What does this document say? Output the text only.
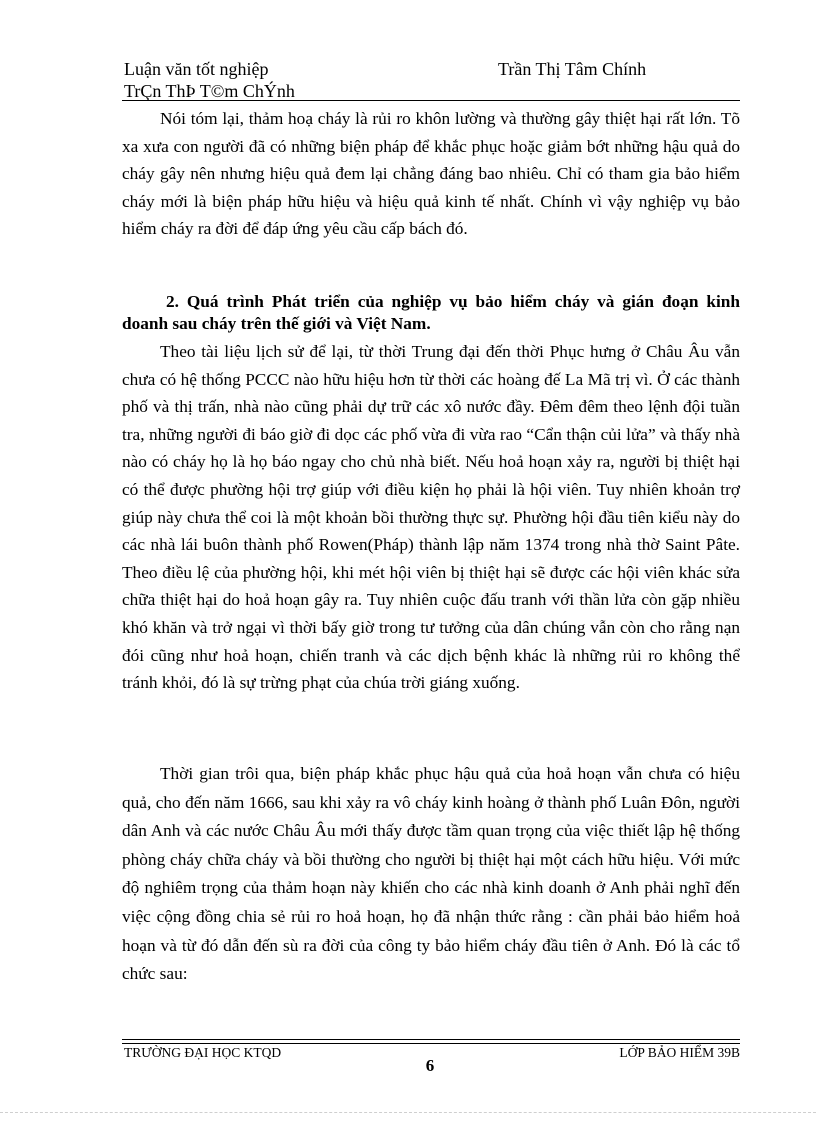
Luận văn tốt nghiệp
TrÇn ThÞ T©m ChÝnh
Trần Thị Tâm Chính

Nói tóm lại, thảm hoạ cháy là rủi ro khôn lường và thường gây thiệt hại rất lớn. Tõ xa xưa con người đã có những biện pháp để khắc phục hoặc giảm bớt những hậu quả do cháy gây nên nhưng hiệu quả đem lại chẳng đáng bao nhiêu. Chỉ có tham gia bảo hiểm cháy mới là biện pháp hữu hiệu và hiệu quả kinh tế nhất. Chính vì vậy nghiệp vụ bảo hiểm cháy ra đời để đáp ứng yêu cầu cấp bách đó.

2. Quá trình Phát triển của nghiệp vụ bảo hiểm cháy và gián đoạn kinh doanh sau cháy trên thế giới và Việt Nam.

Theo tài liệu lịch sử để lại, từ thời Trung đại đến thời Phục hưng ở Châu Âu vẫn chưa có hệ thống PCCC nào hữu hiệu hơn từ thời các hoàng đế La Mã trị vì. Ở các thành phố và thị trấn, nhà nào cũng phải dự trữ các xô nước đầy. Đêm đêm theo lệnh đội tuần tra, những người đi báo giờ đi dọc các phố vừa đi vừa rao “Cẩn thận củi lửa” và thấy nhà nào có cháy họ là họ báo ngay cho chủ nhà biết. Nếu hoả hoạn xảy ra, người bị thiệt hại có thể được phường hội trợ giúp với điều kiện họ phải là hội viên. Tuy nhiên khoản trợ giúp này chưa thể coi là một khoản bồi thường thực sự. Phường hội đầu tiên kiểu này do các nhà lái buôn thành phố Rowen(Pháp) thành lập năm 1374 trong nhà thờ Saint Pâte. Theo điều lệ của phường hội, khi mét hội viên bị thiệt hại sẽ được các hội viên khác sửa chữa thiệt hại do hoả hoạn gây ra. Tuy nhiên cuộc đấu tranh với thần lửa còn gặp nhiều khó khăn và trở ngại vì thời bấy giờ trong tư tưởng của dân chúng vẫn còn cho rằng nạn đói cũng như hoả hoạn, chiến tranh và các dịch bệnh khác là những rủi ro không thể tránh khỏi, đó là sự trừng phạt của chúa trời giáng xuống.

Thời gian trôi qua, biện pháp khắc phục hậu quả của hoả hoạn vẫn chưa có hiệu quả, cho đến năm 1666, sau khi xảy ra vô cháy kinh hoàng ở thành phố Luân Đôn, người dân Anh và các nước Châu Âu mới thấy được tầm quan trọng của việc thiết lập hệ thống phòng cháy chữa cháy và bồi thường cho người bị thiệt hại một cách hữu hiệu. Với mức độ nghiêm trọng của thảm hoạn này khiến cho các nhà kinh doanh ở Anh phải nghĩ đến việc cộng đồng chia sẻ rủi ro hoả hoạn, họ đã nhận thức rằng : cần phải bảo hiểm hoả hoạn và từ đó dẫn đến sù ra đời của công ty bảo hiểm cháy đầu tiên ở Anh. Đó là các tổ chức sau:

TRƯỜNG ĐẠI HỌC KTQD	LỚP BẢO HIỂM 39B
6
